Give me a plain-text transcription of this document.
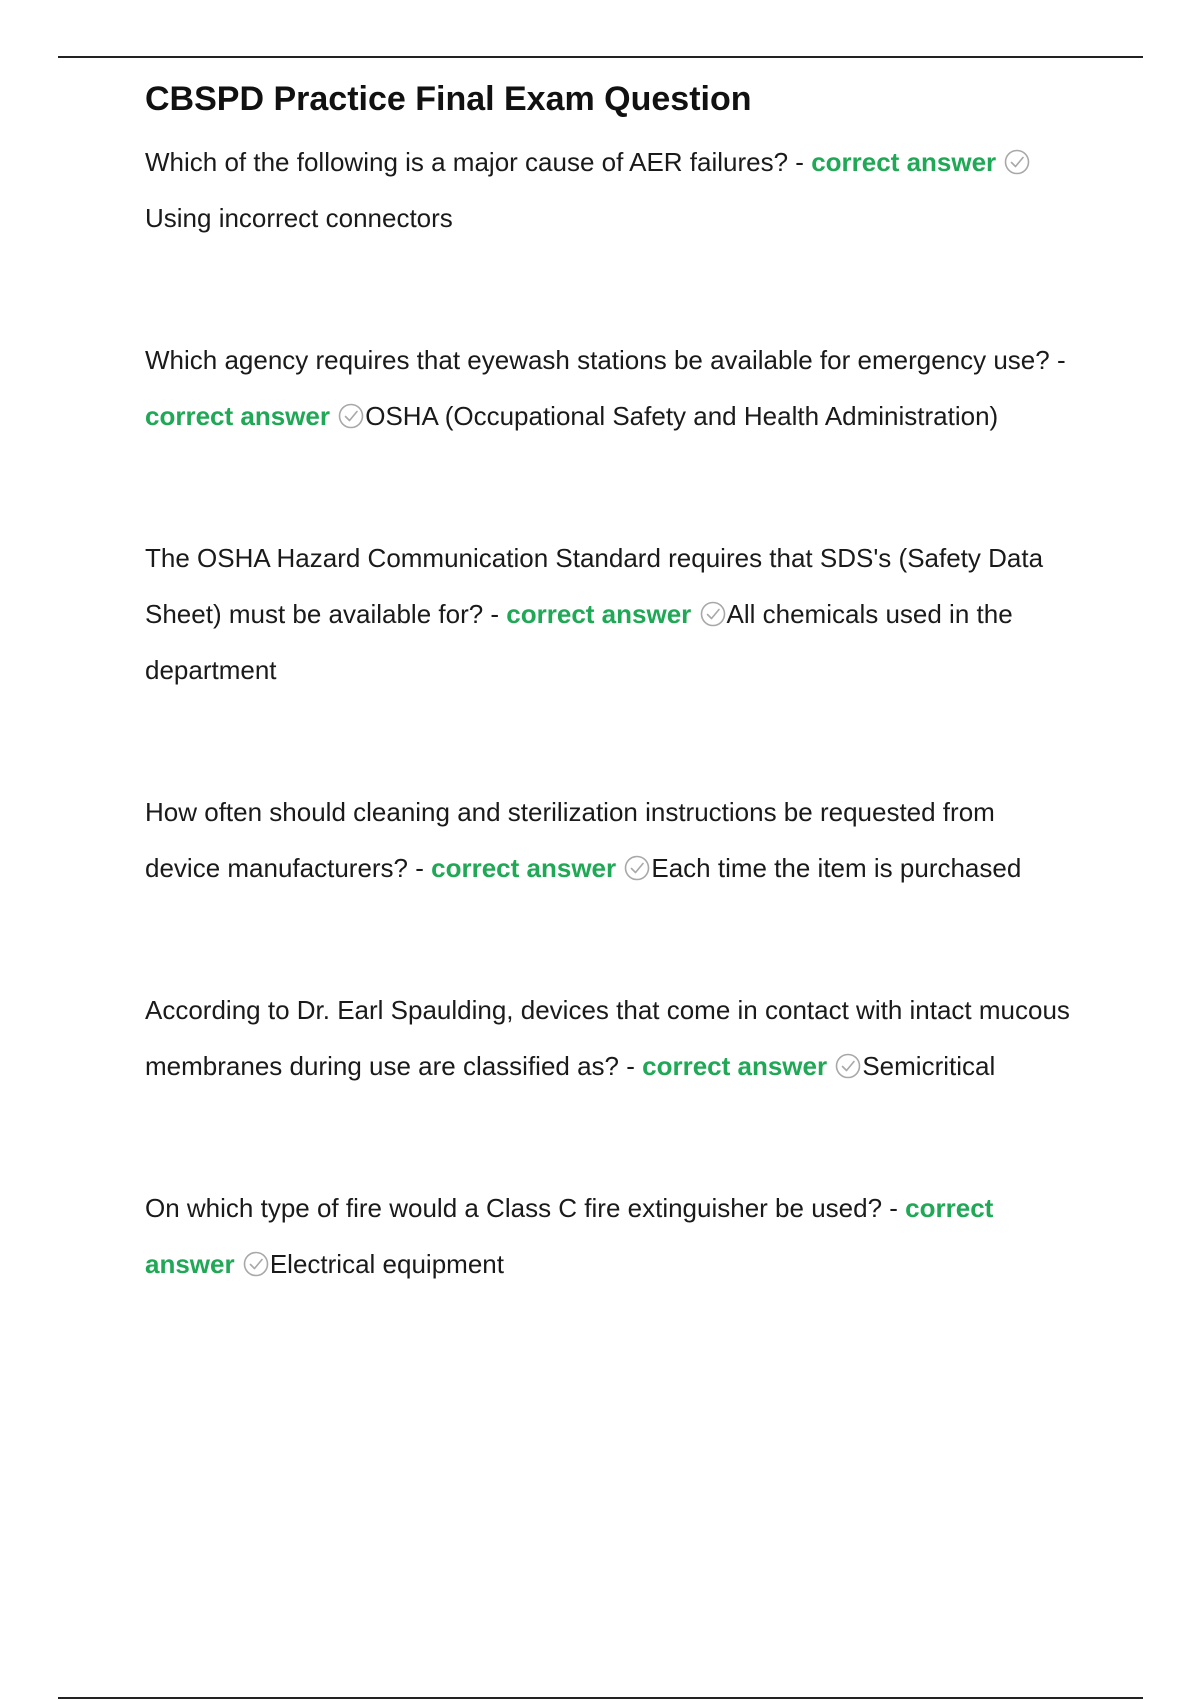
CBSPD Practice Final Exam Question

Which of the following is a major cause of AER failures? - correct answer
Using incorrect connectors

Which agency requires that eyewash stations be available for emergency use? - correct answer OSHA (Occupational Safety and Health Administration)

The OSHA Hazard Communication Standard requires that SDS's (Safety Data Sheet) must be available for? - correct answer All chemicals used in the department

How often should cleaning and sterilization instructions be requested from device manufacturers? - correct answer Each time the item is purchased

According to Dr. Earl Spaulding, devices that come in contact with intact mucous membranes during use are classified as? - correct answer Semicritical

On which type of fire would a Class C fire extinguisher be used? - correct answer Electrical equipment
